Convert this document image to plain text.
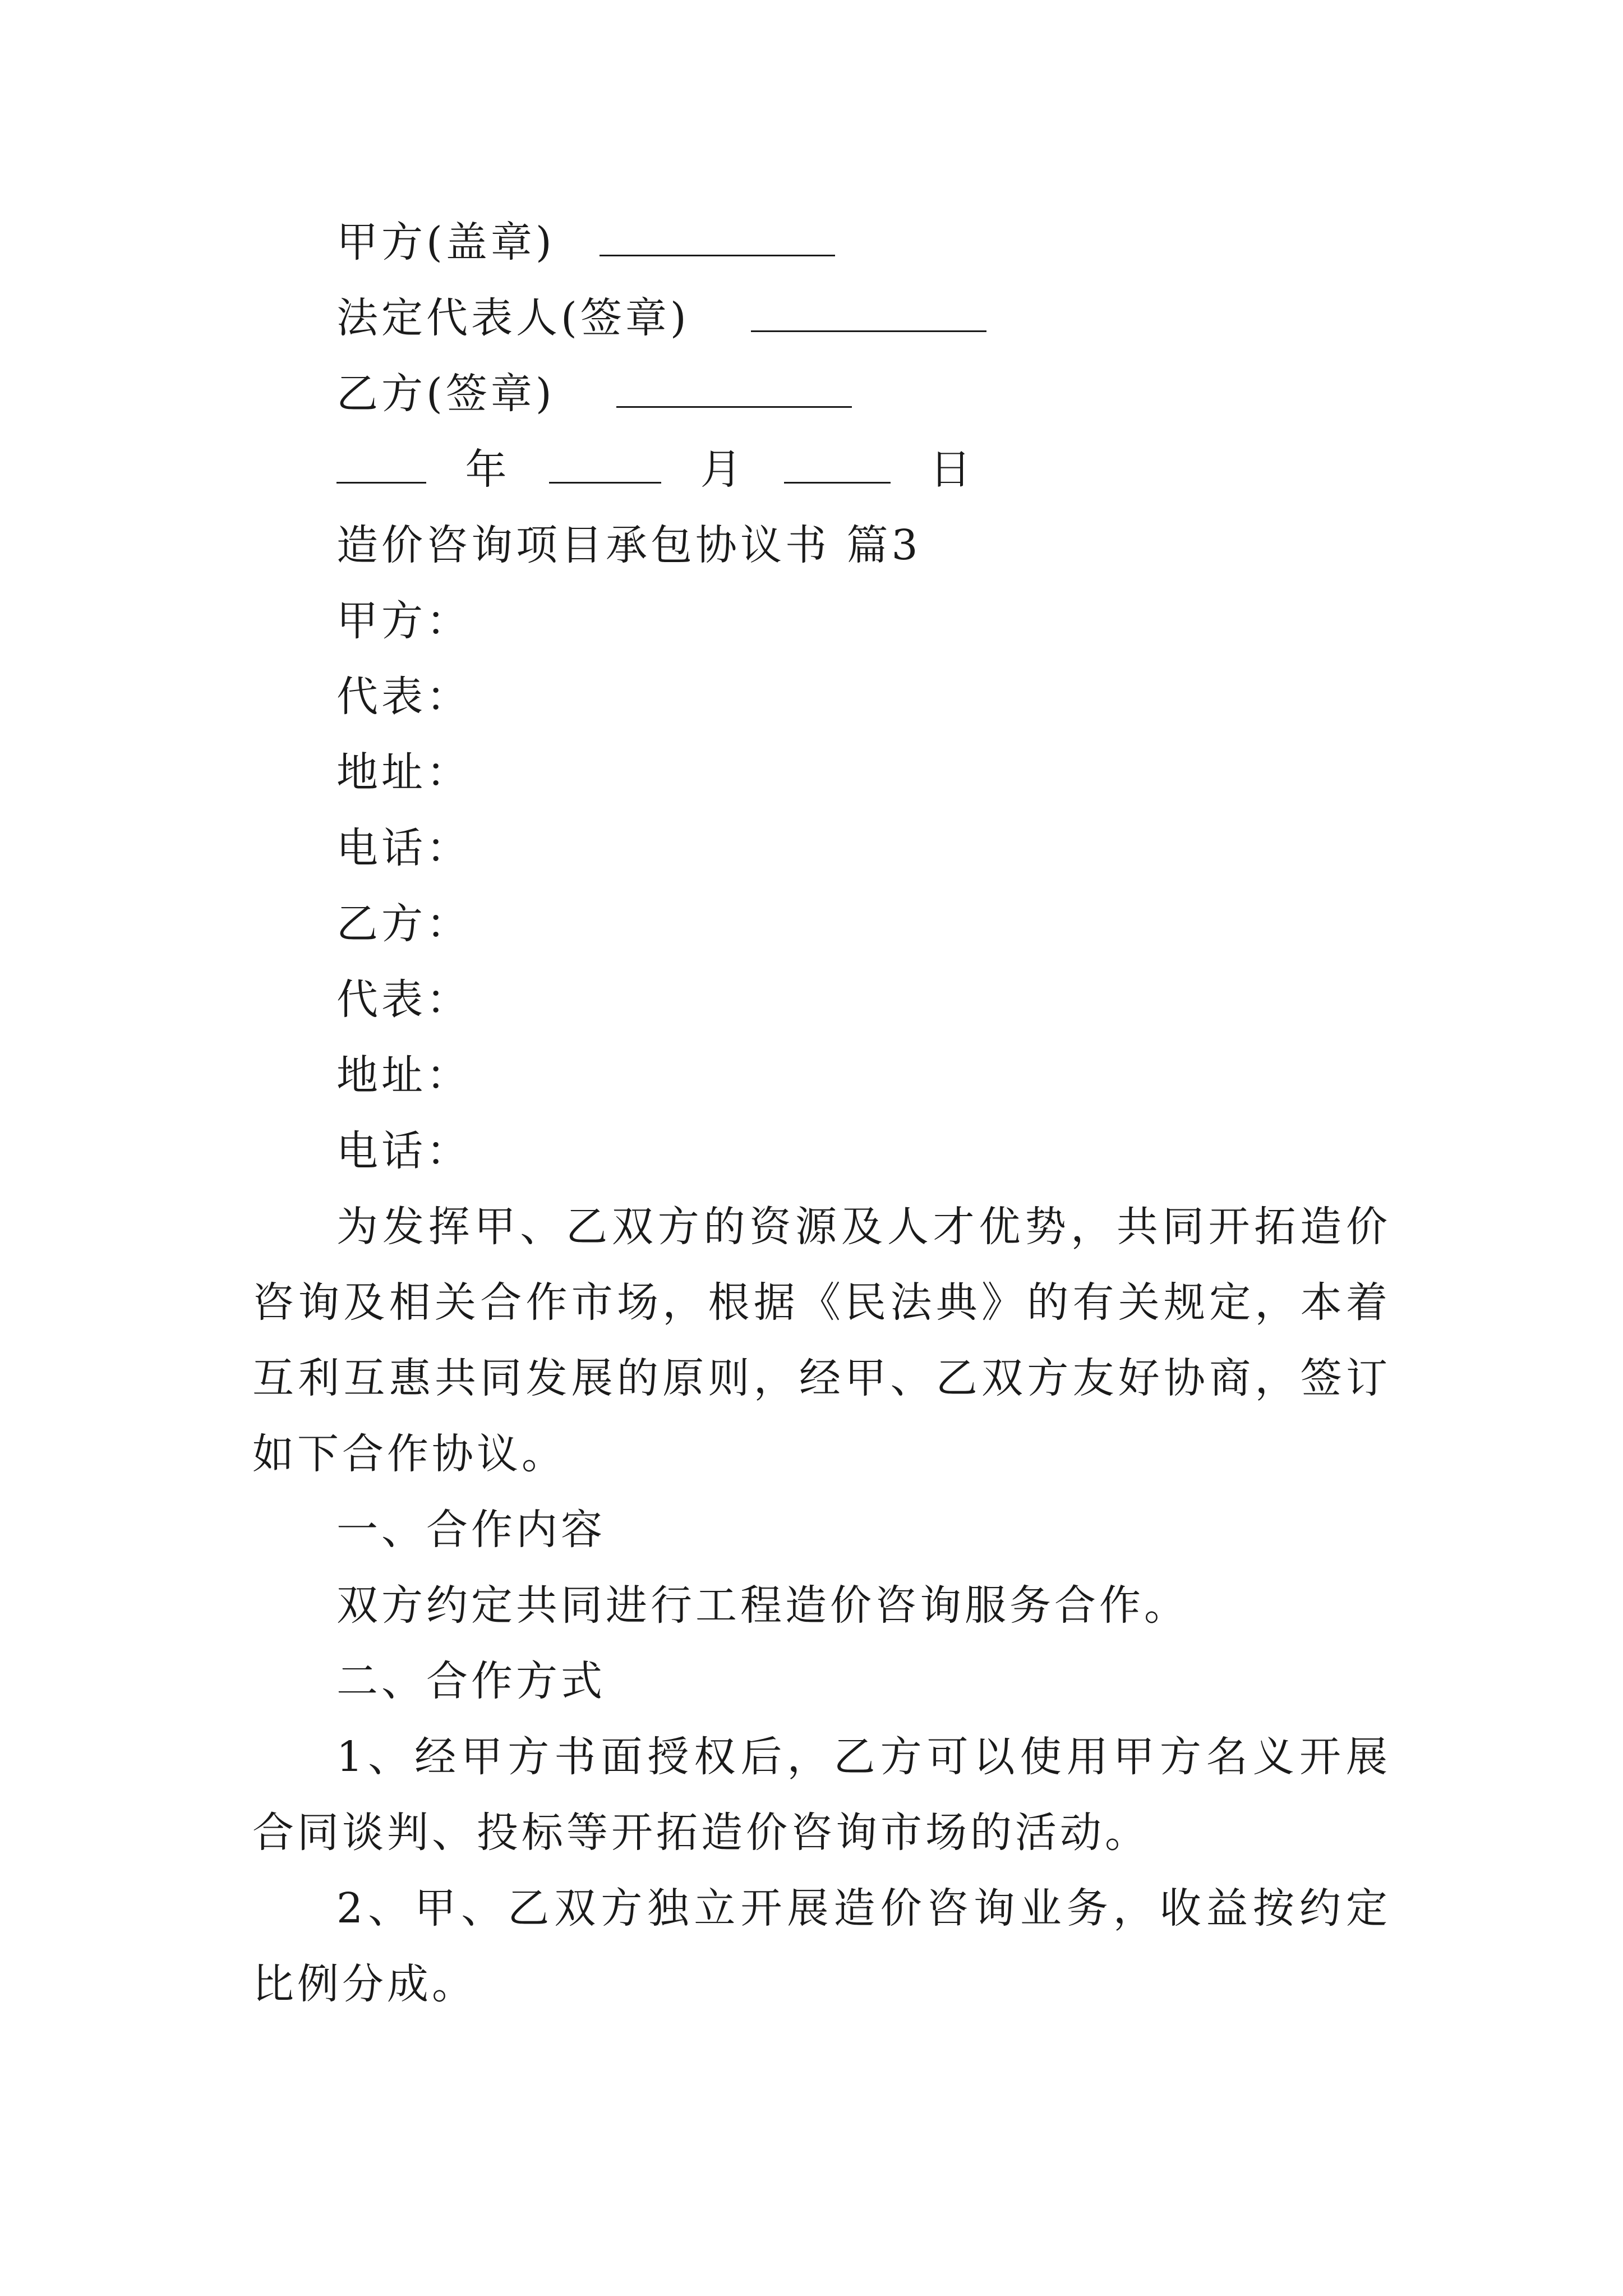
甲方(盖章)
法定代表人(签章)
乙方(签章)
年	月	日
造价咨询项目承包协议书 篇3
甲方：
代表：
地址：
电话：
乙方：
代表：
地址：
电话：
为发挥甲、乙双方的资源及人才优势，共同开拓造价咨询及相关合作市场，根据《民法典》的有关规定，本着互利互惠共同发展的原则，经甲、乙双方友好协商，签订如下合作协议。
一、合作内容
双方约定共同进行工程造价咨询服务合作。
二、合作方式
1、经甲方书面授权后，乙方可以使用甲方名义开展合同谈判、投标等开拓造价咨询市场的活动。
2、甲、乙双方独立开展造价咨询业务，收益按约定比例分成。
